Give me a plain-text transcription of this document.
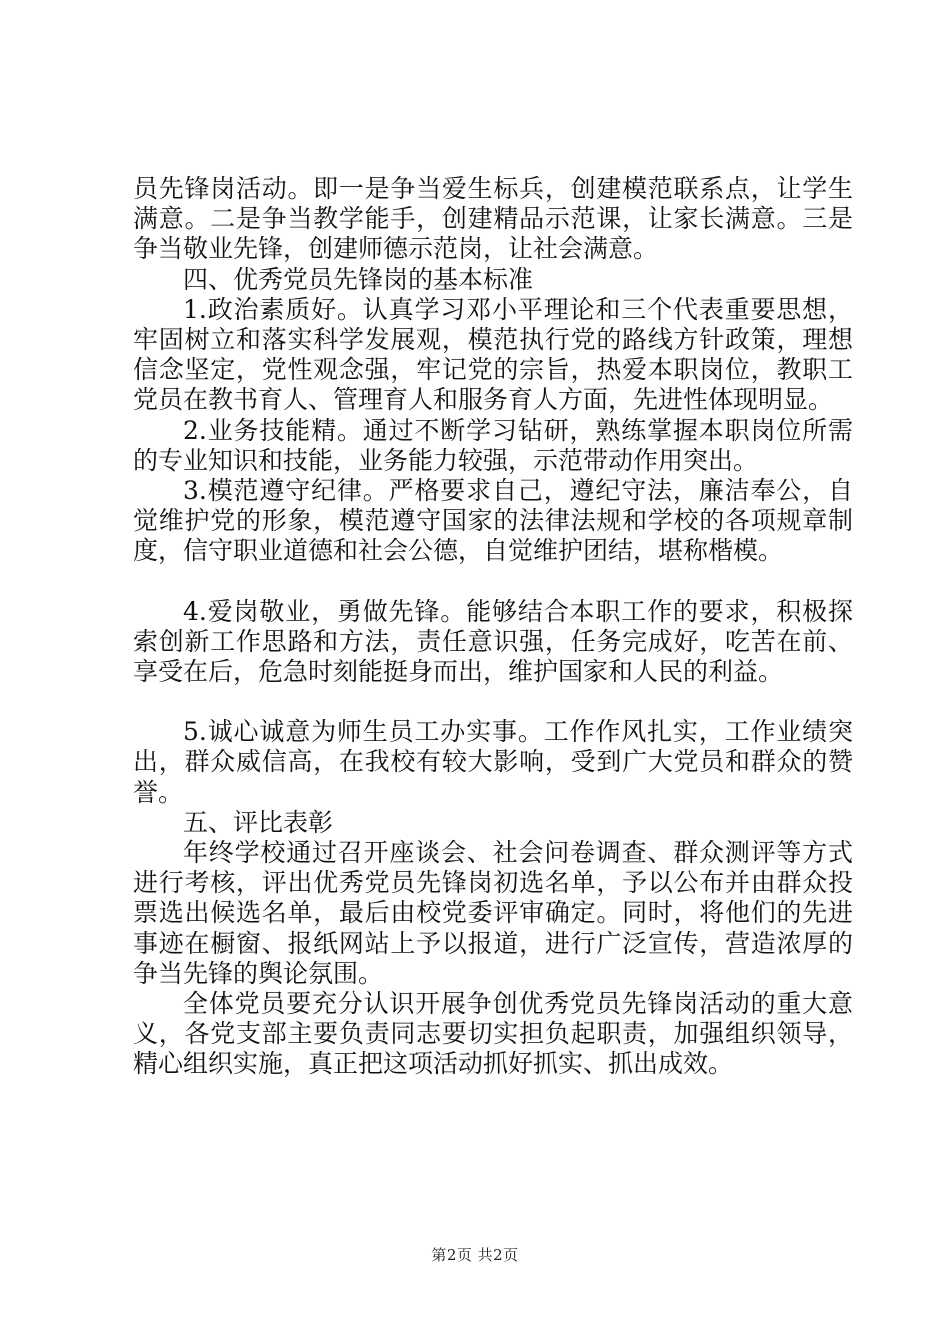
员先锋岗活动。即一是争当爱生标兵，创建模范联系点，让学生满意。二是争当教学能手，创建精品示范课，让家长满意。三是争当敬业先锋，创建师德示范岗，让社会满意。

四、优秀党员先锋岗的基本标准

1.政治素质好。认真学习邓小平理论和三个代表重要思想，牢固树立和落实科学发展观，模范执行党的路线方针政策，理想信念坚定，党性观念强，牢记党的宗旨，热爱本职岗位，教职工党员在教书育人、管理育人和服务育人方面，先进性体现明显。

2.业务技能精。通过不断学习钻研，熟练掌握本职岗位所需的专业知识和技能，业务能力较强，示范带动作用突出。

3.模范遵守纪律。严格要求自己，遵纪守法，廉洁奉公，自觉维护党的形象，模范遵守国家的法律法规和学校的各项规章制度，信守职业道德和社会公德，自觉维护团结，堪称楷模。

4.爱岗敬业，勇做先锋。能够结合本职工作的要求，积极探索创新工作思路和方法，责任意识强，任务完成好，吃苦在前、享受在后，危急时刻能挺身而出，维护国家和人民的利益。

5.诚心诚意为师生员工办实事。工作作风扎实，工作业绩突出，群众威信高，在我校有较大影响，受到广大党员和群众的赞誉。

五、评比表彰

年终学校通过召开座谈会、社会问卷调查、群众测评等方式进行考核，评出优秀党员先锋岗初选名单，予以公布并由群众投票选出候选名单，最后由校党委评审确定。同时，将他们的先进事迹在橱窗、报纸网站上予以报道，进行广泛宣传，营造浓厚的争当先锋的舆论氛围。

全体党员要充分认识开展争创优秀党员先锋岗活动的重大意义，各党支部主要负责同志要切实担负起职责，加强组织领导，精心组织实施，真正把这项活动抓好抓实、抓出成效。

第2页 共2页
